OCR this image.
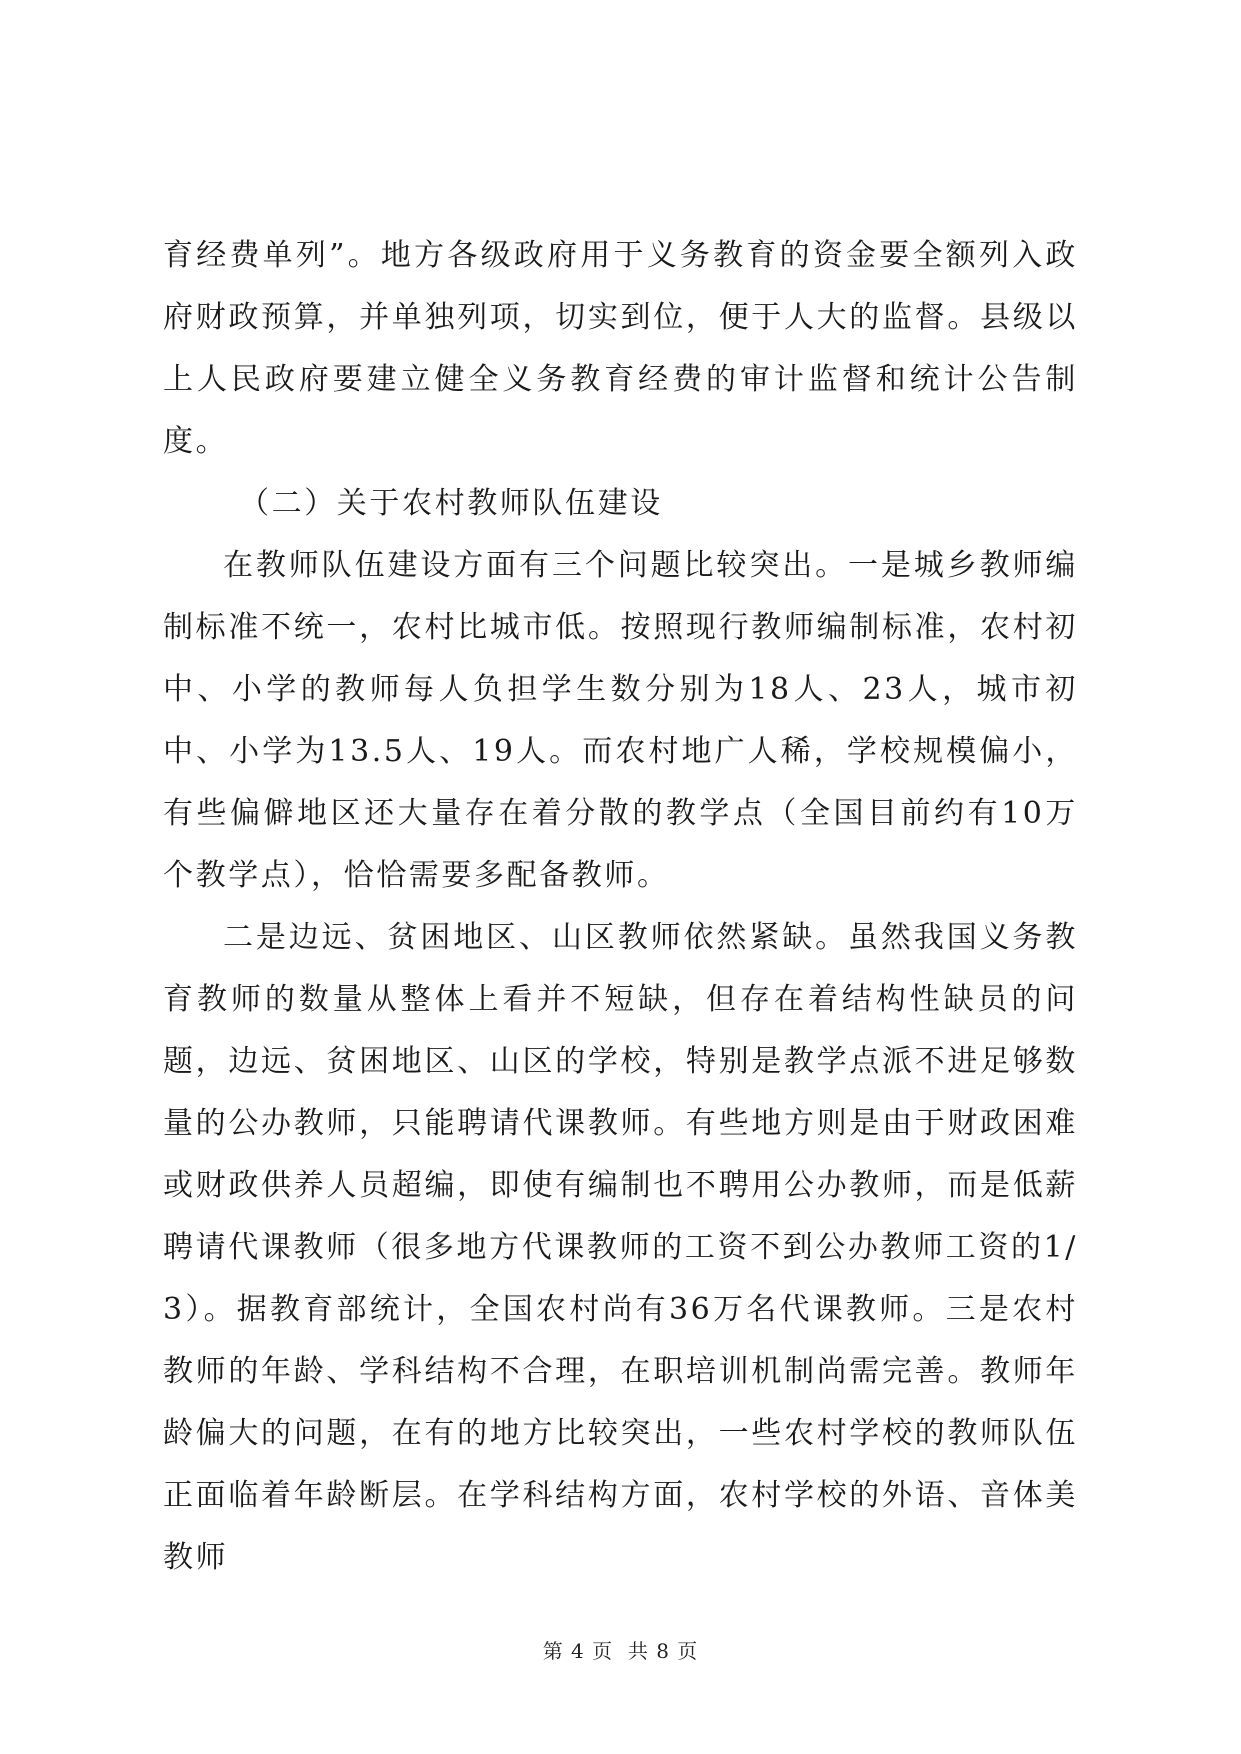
育经费单列”。地方各级政府用于义务教育的资金要全额列入政府财政预算，并单独列项，切实到位，便于人大的监督。县级以上人民政府要建立健全义务教育经费的审计监督和统计公告制度。

（二）关于农村教师队伍建设

在教师队伍建设方面有三个问题比较突出。一是城乡教师编制标准不统一，农村比城市低。按照现行教师编制标准，农村初中、小学的教师每人负担学生数分别为18人、23人，城市初中、小学为13.5人、19人。而农村地广人稀，学校规模偏小，有些偏僻地区还大量存在着分散的教学点（全国目前约有10万个教学点），恰恰需要多配备教师。

二是边远、贫困地区、山区教师依然紧缺。虽然我国义务教育教师的数量从整体上看并不短缺，但存在着结构性缺员的问题，边远、贫困地区、山区的学校，特别是教学点派不进足够数量的公办教师，只能聘请代课教师。有些地方则是由于财政困难或财政供养人员超编，即使有编制也不聘用公办教师，而是低薪聘请代课教师（很多地方代课教师的工资不到公办教师工资的1/3）。据教育部统计，全国农村尚有36万名代课教师。三是农村教师的年龄、学科结构不合理，在职培训机制尚需完善。教师年龄偏大的问题，在有的地方比较突出，一些农村学校的教师队伍正面临着年龄断层。在学科结构方面，农村学校的外语、音体美教师

第 4 页  共 8 页
